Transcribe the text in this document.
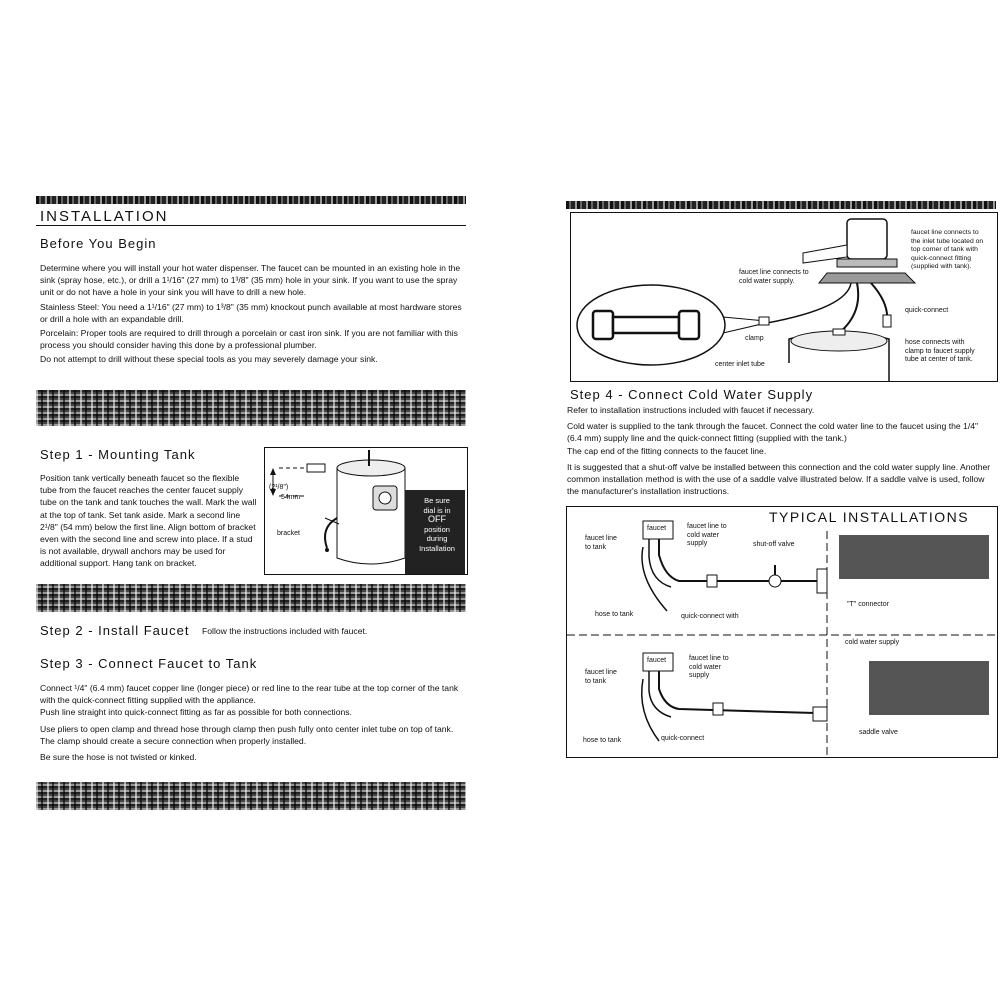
INSTALLATION
Before You Begin

Determine where you will install your hot water dispenser. The faucet can be mounted in an existing hole in the sink (spray hose, etc.), or drill a 1¹/16" (27 mm) to 1³/8" (35 mm) hole in your sink. If you want to use the spray unit or do not have a hole in your sink you will have to drill a new hole.

Stainless Steel: You need a 1¹/16" (27 mm) to 1³/8" (35 mm) knockout punch available at most hardware stores or drill a hole with an expandable drill.

Porcelain: Proper tools are required to drill through a porcelain or cast iron sink. If you are not familiar with this process you should consider having this done by a professional plumber.

Do not attempt to drill without these special tools as you may severely damage your sink.

Step 1 - Mounting Tank

Position tank vertically beneath faucet so the flexible tube from the faucet reaches the center faucet supply tube on the tank and tank touches the wall. Mark the wall at the top of tank. Set tank aside. Mark a second line 2¹/8" (54 mm) below the first line. Align bottom of bracket even with the second line and screw into place. If a stud is not available, drywall anchors may be used for additional support. Hang tank on bracket.

(2¹/8")
54mm
bracket
Be sure
dial is in
OFF
position
during
Installation
Step 2 - Install Faucet Follow the instructions included with faucet.
Step 3 - Connect Faucet to Tank

Connect ¹/4" (6.4 mm) faucet copper line (longer piece) or red line to the rear tube at the top corner of the tank with the quick-connect fitting supplied with the appliance.

Push line straight into quick-connect fitting as far as possible for both connections.

Use pliers to open clamp and thread hose through clamp then push fully onto center inlet tube on top of tank. The clamp should create a secure connection when properly installed.

Be sure the hose is not twisted or kinked.

faucet line connects to
the inlet tube located on
top corner of tank with
quick-connect fitting
(supplied with tank).
faucet line connects to
cold water supply.
quick-connect
clamp
hose connects with
clamp to faucet supply
tube at center of tank.
center inlet tube
Step 4 - Connect Cold Water Supply

Refer to installation instructions included with faucet if necessary.

Cold water is supplied to the tank through the faucet. Connect the cold water line to the faucet using the 1/4" (6.4 mm) supply line and the quick-connect fitting (supplied with the tank.)

The cap end of the fitting connects to the faucet line.

It is suggested that a shut-off valve be installed between this connection and the cold water supply line. Another common installation method is with the use of a saddle valve illustrated below. If a saddle valve is used, follow the manufacturer's installation instructions.

TYPICAL INSTALLATIONS
faucet
faucet line
to tank
faucet line to
cold water
supply	shut-off valve
hose to tank	quick-connect with
"T" connector
cold water supply
faucet
faucet line
to tank
faucet line to
cold water
supply
hose to tank	quick-connect
saddle valve
